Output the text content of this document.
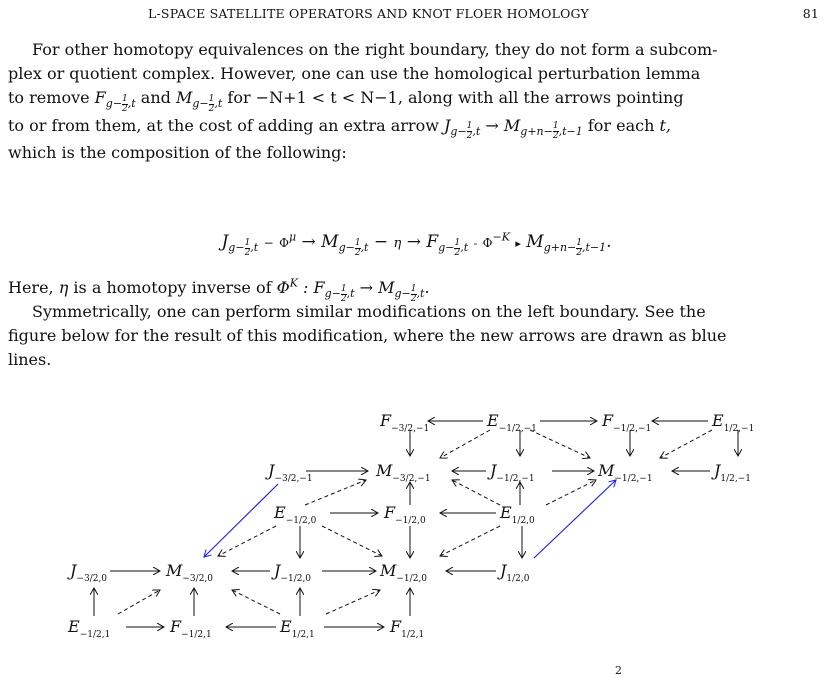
L-SPACE SATELLITE OPERATORS AND KNOT FLOER HOMOLOGY	81
For other homotopy equivalences on the right boundary, they do not form a subcom-
plex or quotient complex. However, one can use the homological perturbation lemma
to remove $F_{g- \frac{1}{2} ,t}$ and $M_{g- \frac{1}{2} ,t}$ for −N+1 < t < N−1, along with all the arrows pointing
to or from them, at the cost of adding an extra arrow $J_{g- \frac{1}{2} ,t} \to M_{g+n- \frac{1}{2} ,t-1}$ for each t,
which is the composition of the following:
$J_{g- \frac{1}{2} ,t} - \Phi^\mu \to M_{g- \frac{1}{2} ,t} - \eta \to F_{g- \frac{1}{2} ,t} - \Phi^{-K}$ ▸ $M_{g+n- \frac{1}{2} ,t-1}$.
Here, η is a homotopy inverse of $\Phi^K$ : $F_{g- \frac{1}{2} ,t} \to M_{g- \frac{1}{2} ,t}$.
Symmetrically, one can perform similar modifications on the left boundary. See the
figure below for the result of this modification, where the new arrows are drawn as blue
lines.
$F_{-3/2,-1}$	$E_{-1/2,-1}$	$F_{-1/2,-1}$	$E_{1/2,-1}$
$J_{-3/2,-1}$	$M_{-3/2,-1}$	$J_{-1/2,-1}$	$M_{-1/2,-1}$	$J_{1/2,-1}$
$E_{-1/2,0}$	$F_{-1/2,0}$	$E_{1/2,0}$
$J_{-3/2,0}$	$M_{-3/2,0}$	$J_{-1/2,0}$	$M_{-1/2,0}$	$J_{1/2,0}$
$E_{-1/2,1}$	$F_{-1/2,1}$	$E_{1/2,1}$	$F_{1/2,1}$
2
